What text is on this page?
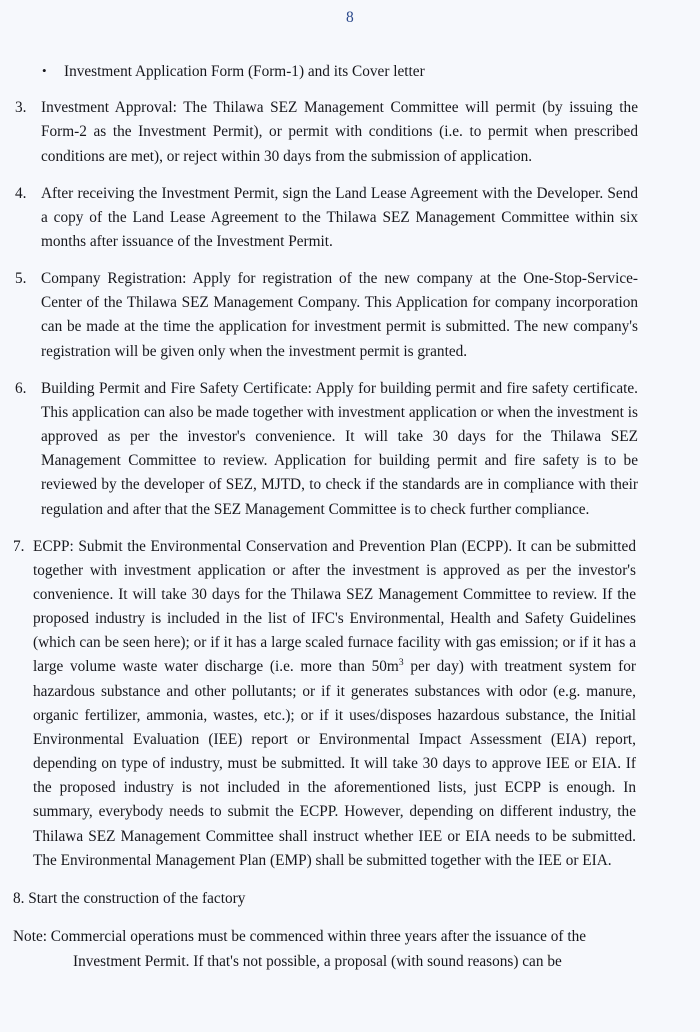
8
•	Investment Application Form (Form-1) and its Cover letter
3. Investment Approval: The Thilawa SEZ Management Committee will permit (by issuing the Form-2 as the Investment Permit), or permit with conditions (i.e. to permit when prescribed conditions are met), or reject within 30 days from the submission of application.
4. After receiving the Investment Permit, sign the Land Lease Agreement with the Developer. Send a copy of the Land Lease Agreement to the Thilawa SEZ Management Committee within six months after issuance of the Investment Permit.
5. Company Registration: Apply for registration of the new company at the One-Stop-Service-Center of the Thilawa SEZ Management Company. This Application for company incorporation can be made at the time the application for investment permit is submitted. The new company's registration will be given only when the investment permit is granted.
6. Building Permit and Fire Safety Certificate: Apply for building permit and fire safety certificate. This application can also be made together with investment application or when the investment is approved as per the investor's convenience. It will take 30 days for the Thilawa SEZ Management Committee to review. Application for building permit and fire safety is to be reviewed by the developer of SEZ, MJTD, to check if the standards are in compliance with their regulation and after that the SEZ Management Committee is to check further compliance.
7. ECPP: Submit the Environmental Conservation and Prevention Plan (ECPP). It can be submitted together with investment application or after the investment is approved as per the investor's convenience. It will take 30 days for the Thilawa SEZ Management Committee to review. If the proposed industry is included in the list of IFC's Environmental, Health and Safety Guidelines (which can be seen here); or if it has a large scaled furnace facility with gas emission; or if it has a large volume waste water discharge (i.e. more than $50m^3$ per day) with treatment system for hazardous substance and other pollutants; or if it generates substances with odor (e.g. manure, organic fertilizer, ammonia, wastes, etc.); or if it uses/disposes hazardous substance, the Initial Environmental Evaluation (IEE) report or Environmental Impact Assessment (EIA) report, depending on type of industry, must be submitted. It will take 30 days to approve IEE or EIA. If the proposed industry is not included in the aforementioned lists, just ECPP is enough. In summary, everybody needs to submit the ECPP. However, depending on different industry, the Thilawa SEZ Management Committee shall instruct whether IEE or EIA needs to be submitted. The Environmental Management Plan (EMP) shall be submitted together with the IEE or EIA.
8. Start the construction of the factory
Note: Commercial operations must be commenced within three years after the issuance of the
Investment Permit. If that's not possible, a proposal (with sound reasons) can be
